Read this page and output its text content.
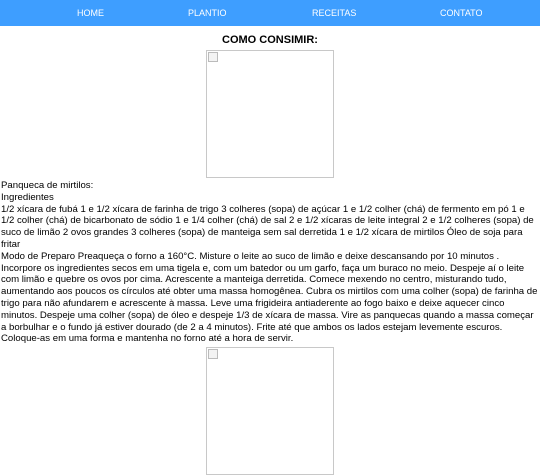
HOME	PLANTIO	RECEITAS	CONTATO
COMO CONSIMIR:

Panqueca de mirtilos:

Ingredientes

1/2 xícara de fubá 1 e 1/2 xícara de farinha de trigo 3 colheres (sopa) de açúcar 1 e 1/2 colher (chá) de fermento em pó 1 e 1/2 colher (chá) de bicarbonato de sódio 1 e 1/4 colher (chá) de sal 2 e 1/2 xícaras de leite integral 2 e 1/2 colheres (sopa) de suco de limão 2 ovos grandes 3 colheres (sopa) de manteiga sem sal derretida 1 e 1/2 xícara de mirtilos Óleo de soja para fritar

Modo de Preparo Preaqueça o forno a 160°C. Misture o leite ao suco de limão e deixe descansando por 10 minutos . Incorpore os ingredientes secos em uma tigela e, com um batedor ou um garfo, faça um buraco no meio. Despeje aí o leite com limão e quebre os ovos por cima. Acrescente a manteiga derretida. Comece mexendo no centro, misturando tudo, aumentando aos poucos os círculos até obter uma massa homogênea. Cubra os mirtilos com uma colher (sopa) de farinha de trigo para não afundarem e acrescente à massa. Leve uma frigideira antiaderente ao fogo baixo e deixe aquecer cinco minutos. Despeje uma colher (sopa) de óleo e despeje 1/3 de xícara de massa. Vire as panquecas quando a massa começar a borbulhar e o fundo já estiver dourado (de 2 a 4 minutos). Frite até que ambos os lados estejam levemente escuros. Coloque-as em uma forma e mantenha no forno até a hora de servir.
